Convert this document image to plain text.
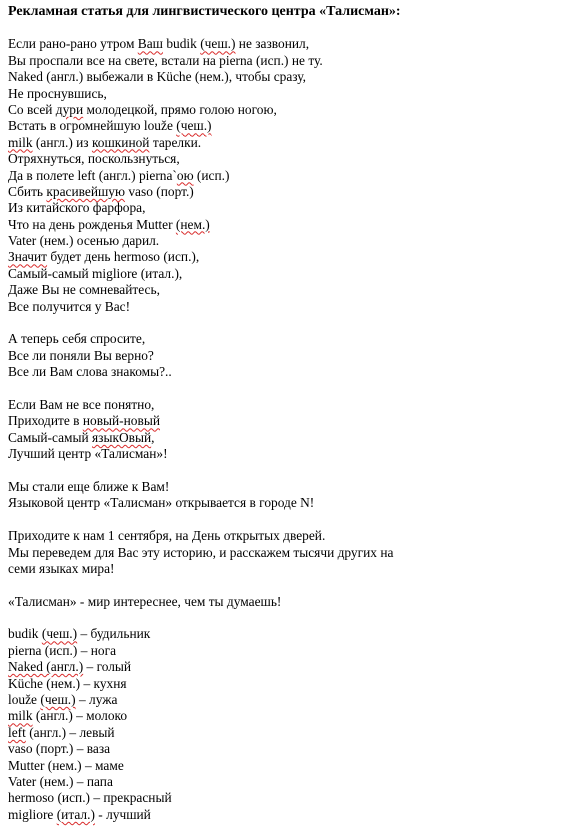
Рекламная статья для лингвистического центра «Талисман»:
Если рано-рано утром Ваш budik (чеш.) не зазвонил,
Вы проспали все на свете, встали на pierna (исп.) не ту.
Naked (англ.) выбежали в Küche (нем.), чтобы сразу,
Не проснувшись,
Со всей дури молодецкой, прямо голою ногою,
Встать в огромнейшую louže (чеш.)
milk (англ.) из кошкиной тарелки.
Отряхнуться, поскользнуться,
Да в полете left (англ.) pierna`ою (исп.)
Сбить красивейшую vaso (порт.)
Из китайского фарфора,
Что на день рожденья Mutter (нем.)
Vater (нем.) осенью дарил.
Значит будет день hermoso (исп.),
Самый-самый migliore (итал.),
Даже Вы не сомневайтесь,
Все получится у Вас!
А теперь себя спросите,
Все ли поняли Вы верно?
Все ли Вам слова знакомы?..
Если Вам не все понятно,
Приходите в новый-новый
Самый-самый языкОвый,
Лучший центр «Талисман»!
Мы стали еще ближе к Вам!
Языковой центр «Талисман» открывается в городе N!
Приходите к нам 1 сентября, на День открытых дверей.
Мы переведем для Вас эту историю, и расскажем тысячи других на
семи языках мира!
«Талисман» - мир интереснее, чем ты думаешь!
budik (чеш.) – будильник
pierna (исп.) – нога
Naked (англ.) – голый
Küche (нем.) – кухня
louže (чеш.) – лужа
milk (англ.) – молоко
left (англ.) – левый
vaso (порт.) – ваза
Mutter (нем.) – маме
Vater (нем.) – папа
hermoso (исп.) – прекрасный
migliore (итал.) - лучший
